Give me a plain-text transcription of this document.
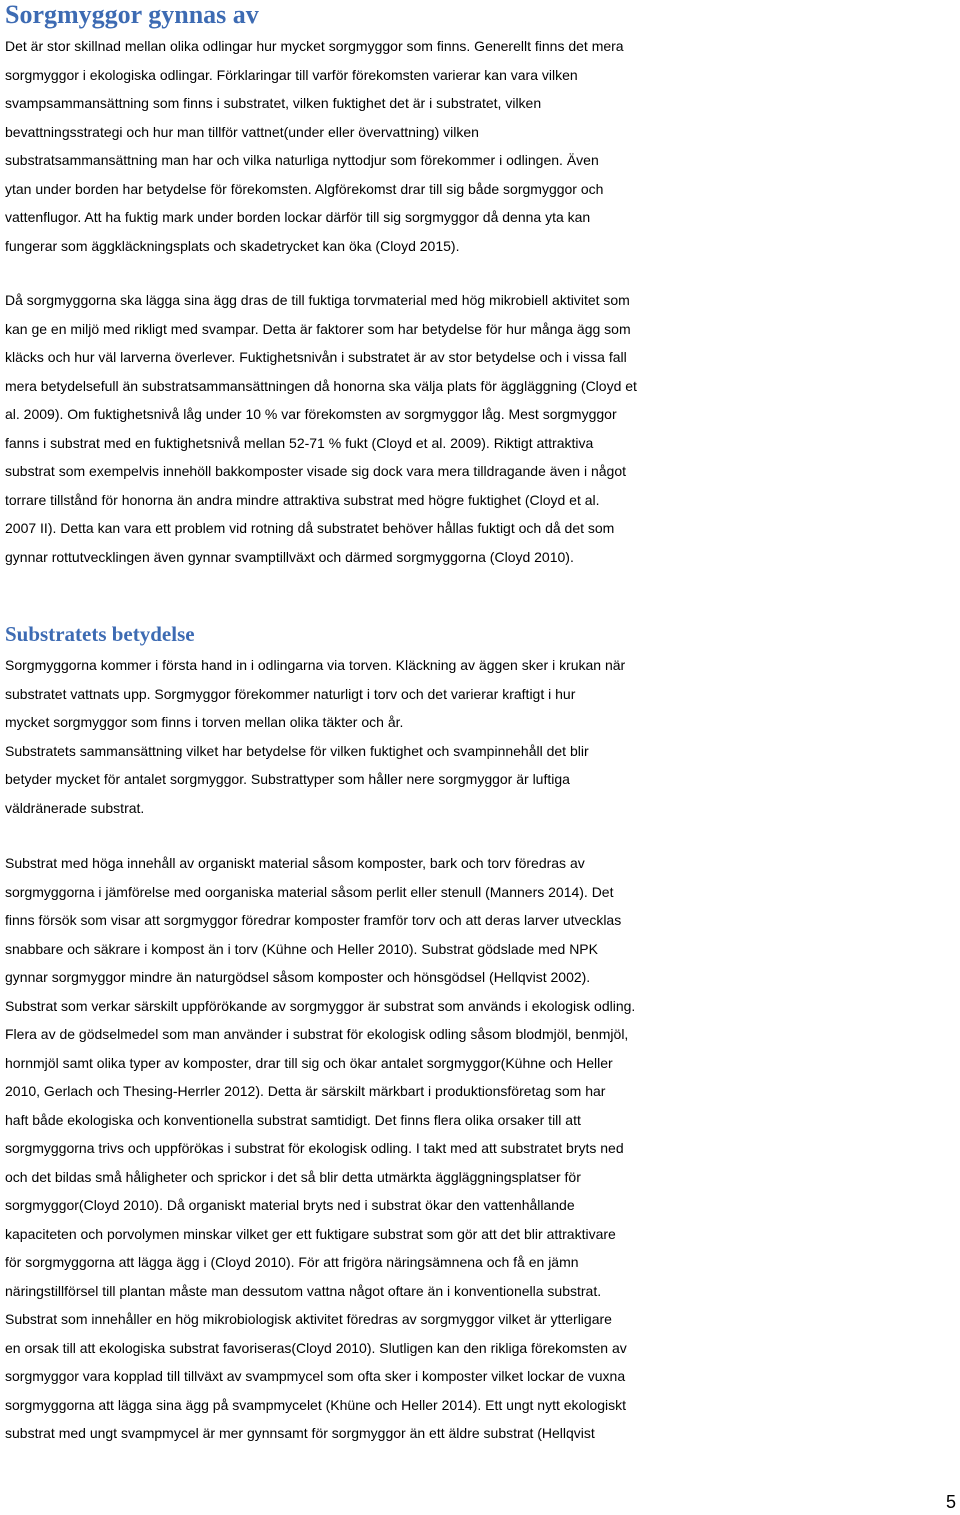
Sorgmyggor gynnas av
Det är stor skillnad mellan olika odlingar hur mycket sorgmyggor som finns. Generellt finns det mera
sorgmyggor i ekologiska odlingar. Förklaringar till varför förekomsten varierar kan vara vilken
svampsammansättning som finns i substratet, vilken fuktighet det är i substratet, vilken
bevattningsstrategi och hur man tillför vattnet(under eller övervattning) vilken
substratsammansättning man har och vilka naturliga nyttodjur som förekommer i odlingen. Även
ytan under borden har betydelse för förekomsten. Algförekomst drar till sig både sorgmyggor och
vattenflugor. Att ha fuktig mark under borden lockar därför till sig sorgmyggor då denna yta kan
fungerar som äggkläckningsplats och skadetrycket kan öka (Cloyd 2015).
Då sorgmyggorna ska lägga sina ägg dras de till fuktiga torvmaterial med hög mikrobiell aktivitet som
kan ge en miljö med rikligt med svampar. Detta är faktorer som har betydelse för hur många ägg som
kläcks och hur väl larverna överlever. Fuktighetsnivån i substratet är av stor betydelse och i vissa fall
mera betydelsefull än substratsammansättningen då honorna ska välja plats för äggläggning (Cloyd et
al. 2009). Om fuktighetsnivå låg under 10 % var förekomsten av sorgmyggor låg. Mest sorgmyggor
fanns i substrat med en fuktighetsnivå mellan 52-71 % fukt (Cloyd et al. 2009). Riktigt attraktiva
substrat som exempelvis innehöll bakkomposter visade sig dock vara mera tilldragande även i något
torrare tillstånd för honorna än andra mindre attraktiva substrat med högre fuktighet (Cloyd et al.
2007 II). Detta kan vara ett problem vid rotning då substratet behöver hållas fuktigt och då det som
gynnar rottutvecklingen även gynnar svamptillväxt och därmed sorgmyggorna (Cloyd 2010).
Substratets betydelse
Sorgmyggorna kommer i första hand in i odlingarna via torven. Kläckning av äggen sker i krukan när
substratet vattnats upp. Sorgmyggor förekommer naturligt i torv och det varierar kraftigt i hur
mycket sorgmyggor som finns i torven mellan olika täkter och år.
Substratets sammansättning vilket har betydelse för vilken fuktighet och svampinnehåll det blir
betyder mycket för antalet sorgmyggor. Substrattyper som håller nere sorgmyggor är luftiga
väldränerade substrat.
Substrat med höga innehåll av organiskt material såsom komposter, bark och torv föredras av
sorgmyggorna i jämförelse med oorganiska material såsom perlit eller stenull (Manners 2014). Det
finns försök som visar att sorgmyggor föredrar komposter framför torv och att deras larver utvecklas
snabbare och säkrare i kompost än i torv (Kühne och Heller 2010). Substrat gödslade med NPK
gynnar sorgmyggor mindre än naturgödsel såsom komposter och hönsgödsel (Hellqvist 2002).
Substrat som verkar särskilt uppförökande av sorgmyggor är substrat som används i ekologisk odling.
Flera av de gödselmedel som man använder i substrat för ekologisk odling såsom blodmjöl, benmjöl,
hornmjöl samt olika typer av komposter, drar till sig och ökar antalet sorgmyggor(Kühne och Heller
2010, Gerlach och Thesing-Herrler 2012). Detta är särskilt märkbart i produktionsföretag som har
haft både ekologiska och konventionella substrat samtidigt. Det finns flera olika orsaker till att
sorgmyggorna trivs och uppförökas i substrat för ekologisk odling. I takt med att substratet bryts ned
och det bildas små håligheter och sprickor i det så blir detta utmärkta äggläggningsplatser för
sorgmyggor(Cloyd 2010). Då organiskt material bryts ned i substrat ökar den vattenhållande
kapaciteten och porvolymen minskar vilket ger ett fuktigare substrat som gör att det blir attraktivare
för sorgmyggorna att lägga ägg i (Cloyd 2010). För att frigöra näringsämnena och få en jämn
näringstillförsel till plantan måste man dessutom vattna något oftare än i konventionella substrat.
Substrat som innehåller en hög mikrobiologisk aktivitet föredras av sorgmyggor vilket är ytterligare
en orsak till att ekologiska substrat favoriseras(Cloyd 2010). Slutligen kan den rikliga förekomsten av
sorgmyggor vara kopplad till tillväxt av svampmycel som ofta sker i komposter vilket lockar de vuxna
sorgmyggorna att lägga sina ägg på svampmycelet (Khüne och Heller 2014). Ett ungt nytt ekologiskt
substrat med ungt svampmycel är mer gynnsamt för sorgmyggor än ett äldre substrat (Hellqvist
5
